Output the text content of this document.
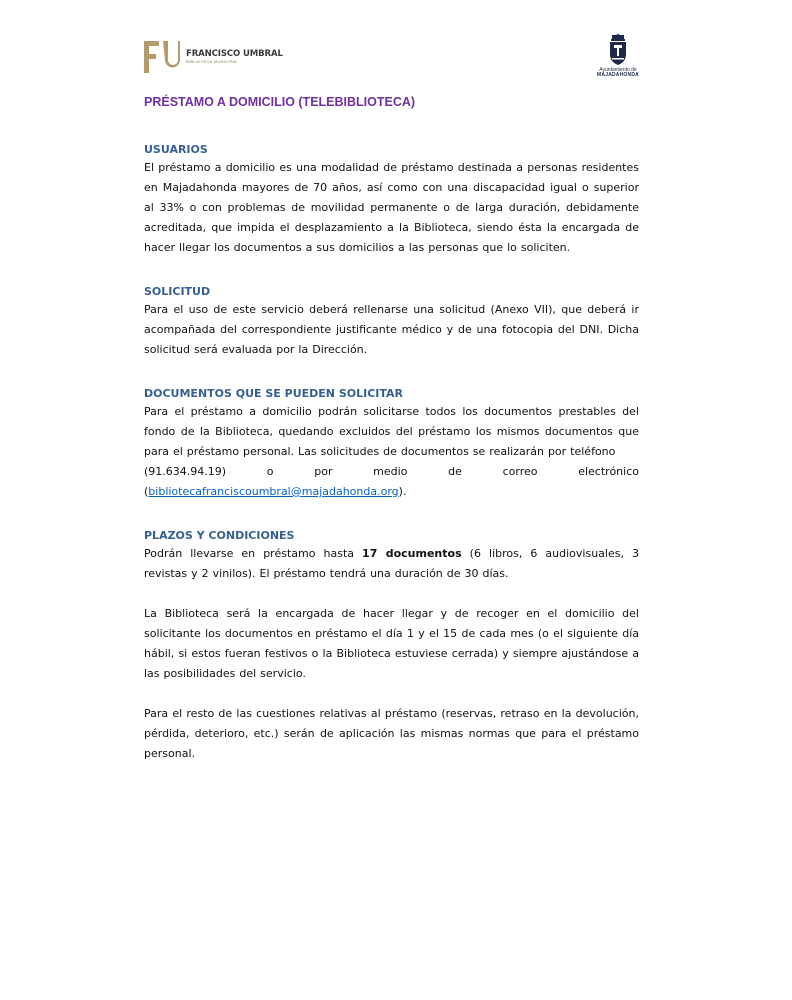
FRANCISCO UMBRAL
BIBLIOTECA MUNICIPAL
Ayuntamiento de
MAJADAHONDA
PRÉSTAMO A DOMICILIO (TELEBIBLIOTECA)
USUARIOS

El préstamo a domicilio es una modalidad de préstamo destinada a personas residentes en Majadahonda mayores de 70 años, así como con una discapacidad igual o superior al 33% o con problemas de movilidad permanente o de larga duración, debidamente acreditada, que impida el desplazamiento a la Biblioteca, siendo ésta la encargada de hacer llegar los documentos a sus domicilios a las personas que lo soliciten.

SOLICITUD

Para el uso de este servicio deberá rellenarse una solicitud (Anexo VII), que deberá ir acompañada del correspondiente justificante médico y de una fotocopia del DNI. Dicha solicitud será evaluada por la Dirección.

DOCUMENTOS QUE SE PUEDEN SOLICITAR

Para el préstamo a domicilio podrán solicitarse todos los documentos prestables del fondo de la Biblioteca, quedando excluidos del préstamo los mismos documentos que para el préstamo personal. Las solicitudes de documentos se realizarán por teléfono
(91.634.94.19) o por medio de correo electrónico
(bibliotecafranciscoumbral@majadahonda.org).

PLAZOS Y CONDICIONES

Podrán llevarse en préstamo hasta 17 documentos (6 libros, 6 audiovisuales, 3 revistas y 2 vinilos). El préstamo tendrá una duración de 30 días.

La Biblioteca será la encargada de hacer llegar y de recoger en el domicilio del solicitante los documentos en préstamo el día 1 y el 15 de cada mes (o el siguiente día hábil, si estos fueran festivos o la Biblioteca estuviese cerrada) y siempre ajustándose a las posibilidades del servicio.

Para el resto de las cuestiones relativas al préstamo (reservas, retraso en la devolución, pérdida, deterioro, etc.) serán de aplicación las mismas normas que para el préstamo personal.
